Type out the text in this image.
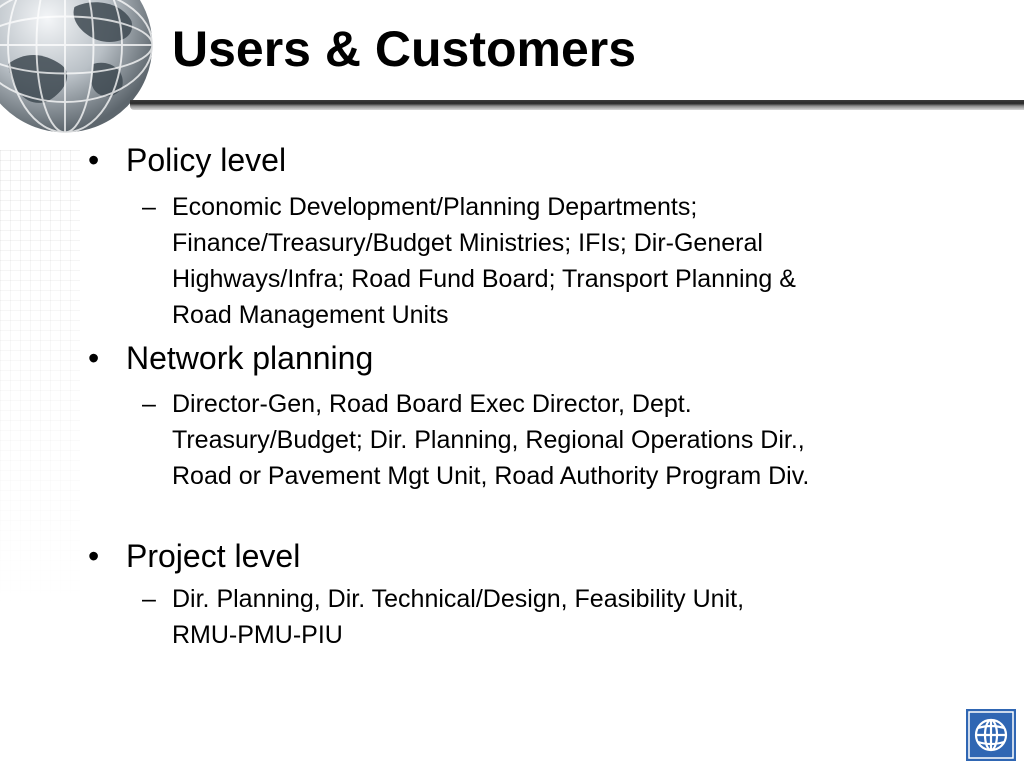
Users & Customers
• Policy level
– Economic Development/Planning Departments;
Finance/Treasury/Budget Ministries; IFIs; Dir-General
Highways/Infra; Road Fund Board; Transport Planning &
Road Management Units
• Network planning
– Director-Gen, Road Board Exec Director, Dept.
Treasury/Budget; Dir. Planning, Regional Operations Dir.,
Road or Pavement Mgt Unit, Road Authority Program Div.
• Project level
– Dir. Planning, Dir. Technical/Design, Feasibility Unit,
RMU-PMU-PIU
